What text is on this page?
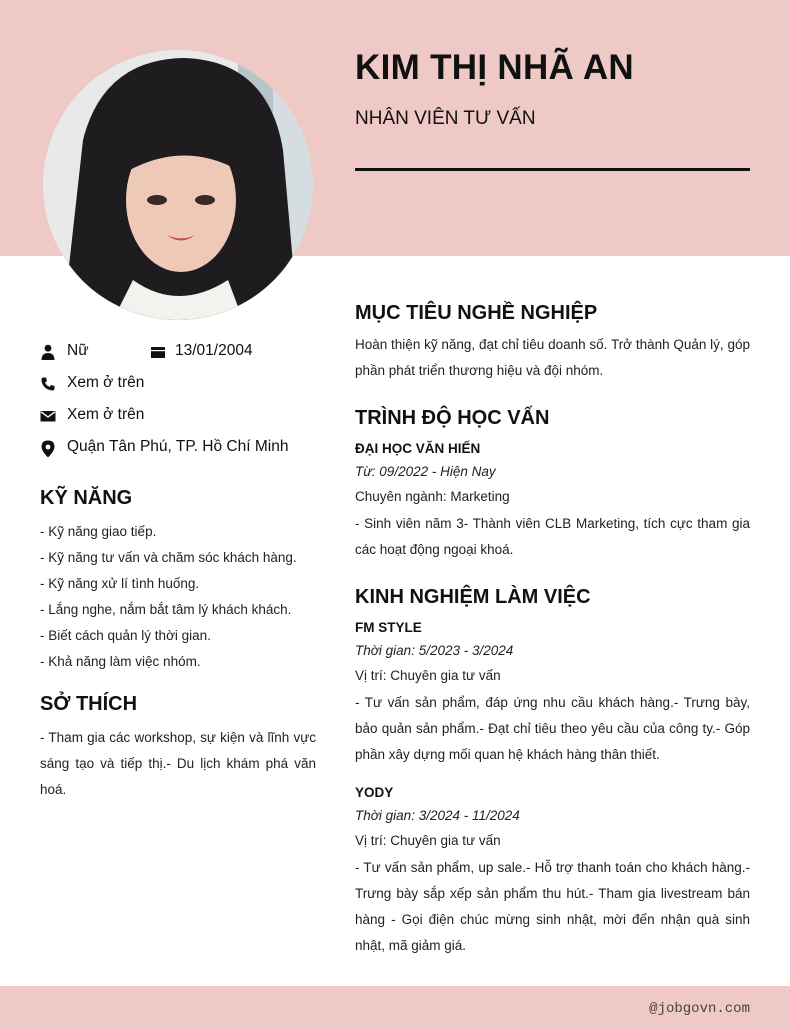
KIM THỊ NHÃ AN
NHÂN VIÊN TƯ VẤN
Nữ	13/01/2004
Xem ở trên
Xem ở trên
Quận Tân Phú, TP. Hồ Chí Minh
KỸ NĂNG
- Kỹ năng giao tiếp.
- Kỹ năng tư vấn và chăm sóc khách hàng.
- Kỹ năng xử lí tình huống.
- Lắng nghe, nắm bắt tâm lý khách khách.
- Biết cách quản lý thời gian.
- Khả năng làm việc nhóm.
SỞ THÍCH

- Tham gia các workshop, sự kiện và lĩnh vực sáng tạo và tiếp thị.- Du lịch khám phá văn hoá.

MỤC TIÊU NGHỀ NGHIỆP

Hoàn thiện kỹ năng, đạt chỉ tiêu doanh số. Trở thành Quản lý, góp phần phát triển thương hiệu và đội nhóm.

TRÌNH ĐỘ HỌC VẤN
ĐẠI HỌC VĂN HIẾN
Từ: 09/2022 - Hiện Nay
Chuyên ngành: Marketing

- Sinh viên năm 3- Thành viên CLB Marketing, tích cực tham gia các hoạt động ngoại khoá.

KINH NGHIỆM LÀM VIỆC
FM STYLE
Thời gian: 5/2023 - 3/2024
Vị trí: Chuyên gia tư vấn

- Tư vấn sản phẩm, đáp ứng nhu cầu khách hàng.- Trưng bày, bảo quản sản phẩm.- Đạt chỉ tiêu theo yêu cầu của công ty.- Góp phần xây dựng mối quan hệ khách hàng thân thiết.

YODY
Thời gian: 3/2024 - 11/2024
Vị trí: Chuyên gia tư vấn

- Tư vấn sản phẩm, up sale.- Hỗ trợ thanh toán cho khách hàng.- Trưng bày sắp xếp sản phẩm thu hút.- Tham gia livestream bán hàng - Gọi điện chúc mừng sinh nhật, mời đến nhận quà sinh nhật, mã giảm giá.

@jobgovn.com
